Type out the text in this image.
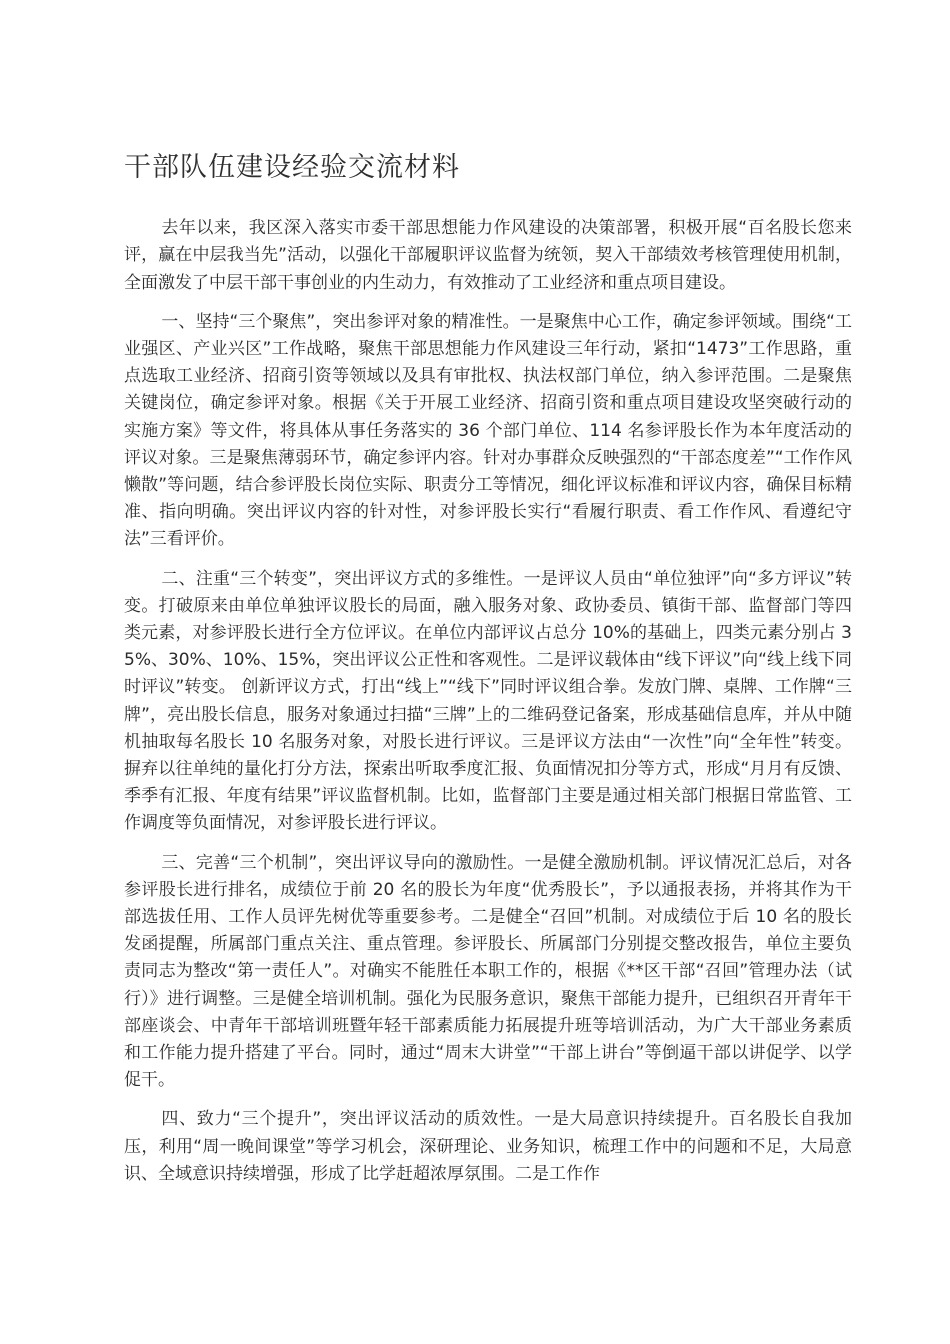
干部队伍建设经验交流材料

去年以来，我区深入落实市委干部思想能力作风建设的决策部署，积极开展“百名股长您来评，赢在中层我当先”活动，以强化干部履职评议监督为统领，契入干部绩效考核管理使用机制，全面激发了中层干部干事创业的内生动力，有效推动了工业经济和重点项目建设。

一、坚持“三个聚焦”，突出参评对象的精准性。一是聚焦中心工作，确定参评领域。围绕“工业强区、产业兴区”工作战略，聚焦干部思想能力作风建设三年行动，紧扣“1473”工作思路，重点选取工业经济、招商引资等领域以及具有审批权、执法权部门单位，纳入参评范围。二是聚焦关键岗位，确定参评对象。根据《关于开展工业经济、招商引资和重点项目建设攻坚突破行动的实施方案》等文件，将具体从事任务落实的 36 个部门单位、114 名参评股长作为本年度活动的评议对象。三是聚焦薄弱环节，确定参评内容。针对办事群众反映强烈的“干部态度差”“工作作风懒散”等问题，结合参评股长岗位实际、职责分工等情况，细化评议标准和评议内容，确保目标精准、指向明确。突出评议内容的针对性，对参评股长实行“看履行职责、看工作作风、看遵纪守法”三看评价。

二、注重“三个转变”，突出评议方式的多维性。一是评议人员由“单位独评”向“多方评议”转变。打破原来由单位单独评议股长的局面，融入服务对象、政协委员、镇街干部、监督部门等四类元素，对参评股长进行全方位评议。在单位内部评议占总分 10%的基础上，四类元素分别占 35%、30%、10%、15%，突出评议公正性和客观性。二是评议载体由“线下评议”向“线上线下同时评议”转变。 创新评议方式，打出“线上”“线下”同时评议组合拳。发放门牌、桌牌、工作牌“三牌”，亮出股长信息，服务对象通过扫描“三牌”上的二维码登记备案，形成基础信息库，并从中随机抽取每名股长 10 名服务对象，对股长进行评议。三是评议方法由“一次性”向“全年性”转变。摒弃以往单纯的量化打分方法，探索出听取季度汇报、负面情况扣分等方式，形成“月月有反馈、季季有汇报、年度有结果”评议监督机制。比如，监督部门主要是通过相关部门根据日常监管、工作调度等负面情况，对参评股长进行评议。

三、完善“三个机制”，突出评议导向的激励性。一是健全激励机制。评议情况汇总后，对各参评股长进行排名，成绩位于前 20 名的股长为年度“优秀股长”，予以通报表扬，并将其作为干部选拔任用、工作人员评先树优等重要参考。二是健全“召回”机制。对成绩位于后 10 名的股长发函提醒，所属部门重点关注、重点管理。参评股长、所属部门分别提交整改报告，单位主要负责同志为整改“第一责任人”。对确实不能胜任本职工作的，根据《**区干部“召回”管理办法（试行）》进行调整。三是健全培训机制。强化为民服务意识，聚焦干部能力提升，已组织召开青年干部座谈会、中青年干部培训班暨年轻干部素质能力拓展提升班等培训活动，为广大干部业务素质和工作能力提升搭建了平台。同时，通过“周末大讲堂”“干部上讲台”等倒逼干部以讲促学、以学促干。

四、致力“三个提升”，突出评议活动的质效性。一是大局意识持续提升。百名股长自我加压，利用“周一晚间课堂”等学习机会，深研理论、业务知识，梳理工作中的问题和不足，大局意识、全域意识持续增强，形成了比学赶超浓厚氛围。二是工作作
